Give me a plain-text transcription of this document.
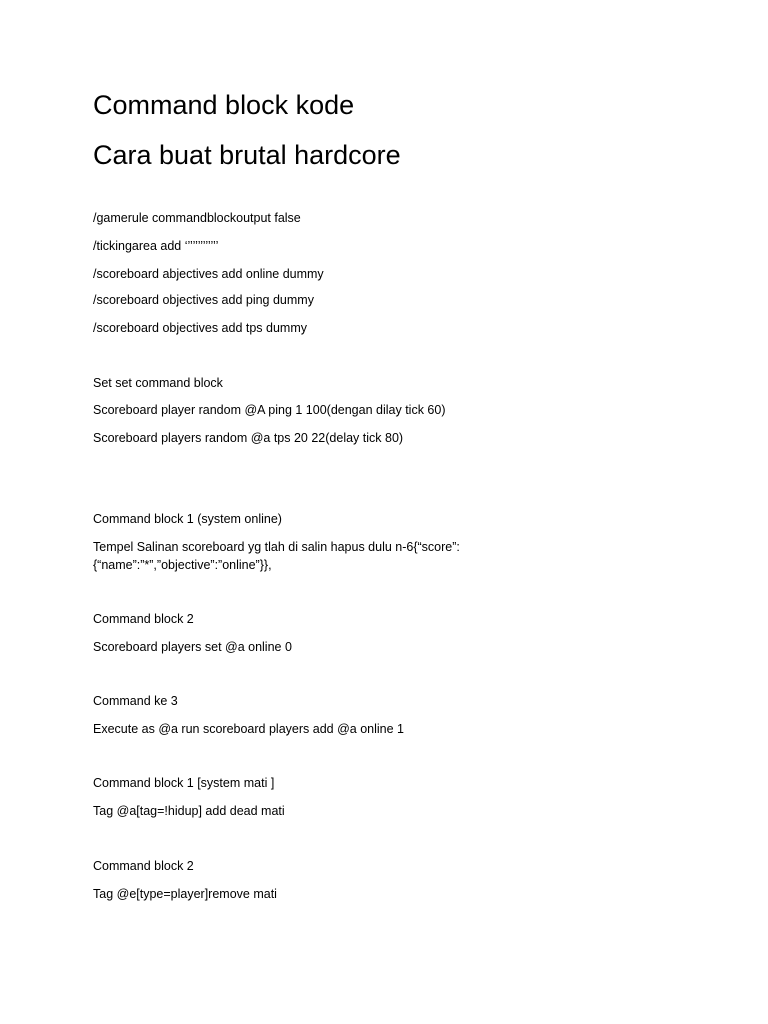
Command block kode
Cara buat brutal hardcore

/gamerule commandblockoutput false

/tickingarea add ‘’’’’’’’’’’’’

/scoreboard abjectives add online dummy

/scoreboard objectives add ping dummy

/scoreboard objectives add tps dummy

Set set command block

Scoreboard player random @A ping 1 100(dengan dilay tick 60)

Scoreboard players random @a tps 20 22(delay tick 80)

Command block 1 (system online)

Tempel Salinan scoreboard yg tlah di salin hapus dulu n-6{“score”:

{“name”:”*”,”objective”:”online”}},

Command block 2

Scoreboard players set @a online 0

Command ke 3

Execute as @a run scoreboard players add @a online 1

Command block 1 [system mati ]

Tag @a[tag=!hidup] add dead mati

Command block 2

Tag @e[type=player]remove mati
